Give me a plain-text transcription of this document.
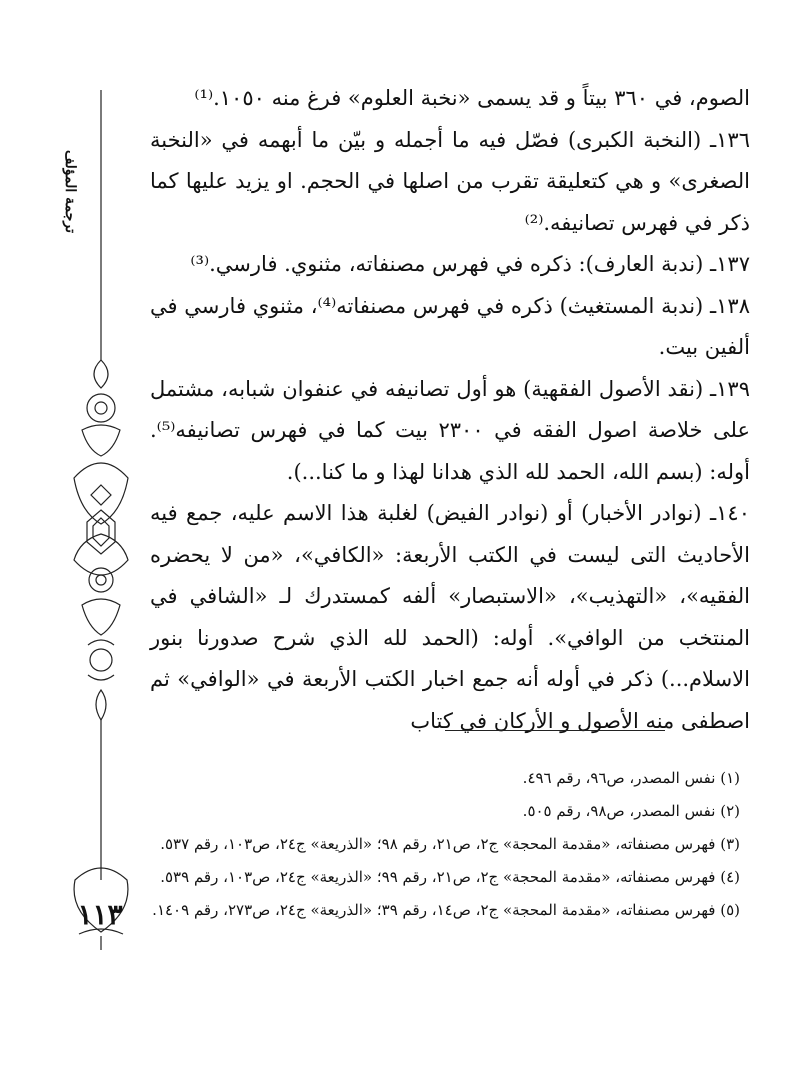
ترجمة المؤلف
١١٣

الصوم، في ٣٦٠ بيتاً و قد يسمى «نخبة العلوم» فرغ منه ١٠٥٠.⁽¹⁾

١٣٦ـ (النخبة الكبرى) فصّل فيه ما أجمله و بيّن ما أبهمه في «النخبة الصغرى» و هي كتعليقة تقرب من اصلها في الحجم. او يزيد عليها كما ذكر في فهرس تصانيفه.⁽²⁾

١٣٧ـ (ندبة العارف): ذكره في فهرس مصنفاته، مثنوي. فارسي.⁽³⁾

١٣٨ـ (ندبة المستغيث) ذكره في فهرس مصنفاته⁽⁴⁾، مثنوي فارسي في ألفين بيت.

١٣٩ـ (نقد الأصول الفقهية) هو أول تصانيفه في عنفوان شبابه، مشتمل على خلاصة اصول الفقه في ٢٣٠٠ بيت كما في فهرس تصانيفه⁽⁵⁾. أوله: (بسم الله، الحمد لله الذي هدانا لهذا و ما كنا...).

١٤٠ـ (نوادر الأخبار) أو (نوادر الفيض) لغلبة هذا الاسم عليه، جمع فيه الأحاديث التى ليست في الكتب الأربعة: «الكافي»، «من لا يحضره الفقيه»، «التهذيب»، «الاستبصار» ألفه كمستدرك لـ «الشافي في المنتخب من الوافي». أوله: (الحمد لله الذي شرح صدورنا بنور الاسلام...) ذكر في أوله أنه جمع اخبار الكتب الأربعة في «الوافي» ثم اصطفى منه الأصول و الأركان في كتاب

(١) نفس المصدر، ص٩٦، رقم ٤٩٦.

(٢) نفس المصدر، ص٩٨، رقم ٥٠٥.

(٣) فهرس مصنفاته، «مقدمة المحجة» ج٢، ص٢١، رقم ٩٨؛ «الذريعة» ج٢٤، ص١٠٣، رقم ٥٣٧.

(٤) فهرس مصنفاته، «مقدمة المحجة» ج٢، ص٢١، رقم ٩٩؛ «الذريعة» ج٢٤، ص١٠٣، رقم ٥٣٩.

(٥) فهرس مصنفاته، «مقدمة المحجة» ج٢، ص١٤، رقم ٣٩؛ «الذريعة» ج٢٤، ص٢٧٣، رقم ١٤٠٩.
